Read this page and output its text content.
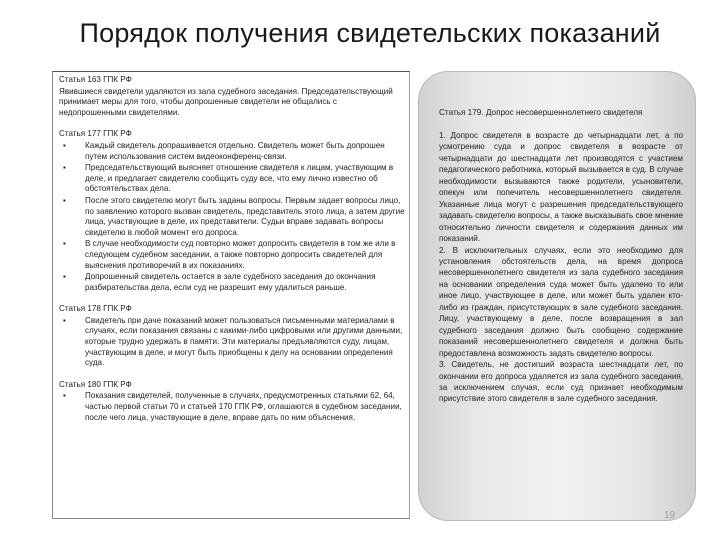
Порядок получения свидетельских показаний

Статья 163 ГПК РФ

Явившиеся свидетели удаляются из зала судебного заседания. Председательствующий принимает меры для того, чтобы допрошенные свидетели не общались с недопрошенными свидетелями.

Статья 177 ГПК РФ

▪ Каждый свидетель допрашивается отдельно. Свидетель может быть допрошен путем использования систем видеоконференц-связи.
▪ Председательствующий выясняет отношение свидетеля к лицам, участвующим в деле, и предлагает свидетелю сообщить суду все, что ему лично известно об обстоятельствах дела.
▪ После этого свидетелю могут быть заданы вопросы. Первым задает вопросы лицо, по заявлению которого вызван свидетель, представитель этого лица, а затем другие лица, участвующие в деле, их представители. Судьи вправе задавать вопросы свидетелю в любой момент его допроса.
▪ В случае необходимости суд повторно может допросить свидетеля в том же или в следующем судебном заседании, а также повторно допросить свидетелей для выяснения противоречий в их показаниях.
▪ Допрошенный свидетель остается в зале судебного заседания до окончания разбирательства дела, если суд не разрешит ему удалиться раньше.

Статья 178 ГПК РФ

▪ Свидетель при даче показаний может пользоваться письменными материалами в случаях, если показания связаны с какими-либо цифровыми или другими данными, которые трудно удержать в памяти. Эти материалы предъявляются суду, лицам, участвующим в деле, и могут быть приобщены к делу на основании определения суда.

Статья 180 ГПК РФ

▪ Показания свидетелей, полученные в случаях, предусмотренных статьями 62, 64, частью первой статьи 70 и статьей 170 ГПК РФ, оглашаются в судебном заседании, после чего лица, участвующие в деле, вправе дать по ним объяснения.
Статья 179. Допрос несовершеннолетнего свидетеля

1. Допрос свидетеля в возрасте до четырнадцати лет, а по усмотрению суда и допрос свидетеля в возрасте от четырнадцати до шестнадцати лет производятся с участием педагогического работника, который вызывается в суд. В случае необходимости вызываются также родители, усыновители, опекун или попечитель несовершеннолетнего свидетеля. Указанные лица могут с разрешения председательствующего задавать свидетелю вопросы, а также высказывать свое мнение относительно личности свидетеля и содержания данных им показаний.

2. В исключительных случаях, если это необходимо для установления обстоятельств дела, на время допроса несовершеннолетнего свидетеля из зала судебного заседания на основании определения суда может быть удалено то или иное лицо, участвующее в деле, или может быть удален кто-либо из граждан, присутствующих в зале судебного заседания. Лицу, участвующему в деле, после возвращения в зал судебного заседания должно быть сообщено содержание показаний несовершеннолетнего свидетеля и должна быть предоставлена возможность задать свидетелю вопросы.

3. Свидетель, не достигший возраста шестнадцати лет, по окончании его допроса удаляется из зала судебного заседания, за исключением случая, если суд признает необходимым присутствие этого свидетеля в зале судебного заседания.

19
